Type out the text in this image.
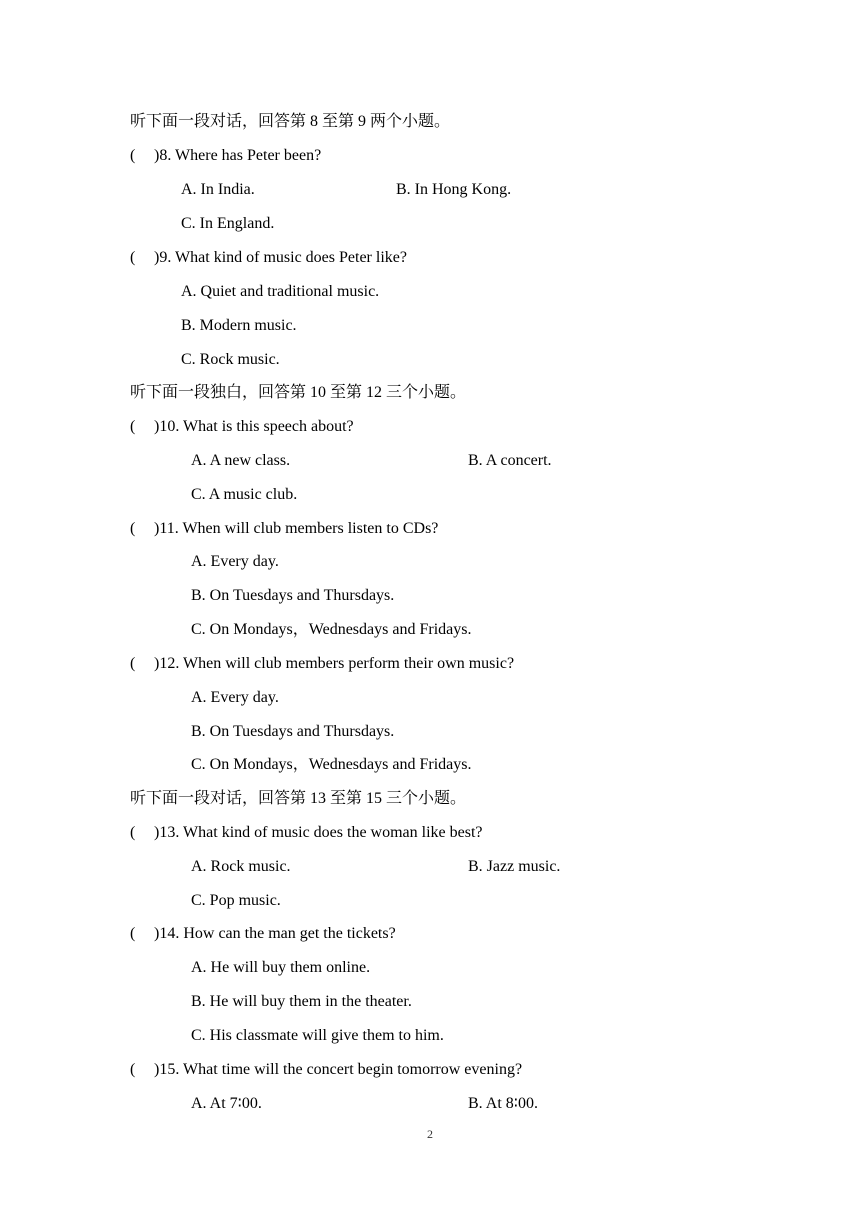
听下面一段对话，回答第 8 至第 9 两个小题。
( )8. Where has Peter been?
A. In India.	B. In Hong Kong.
C. In England.
( )9. What kind of music does Peter like?
A. Quiet and traditional music.
B. Modern music.
C. Rock music.
听下面一段独白，回答第 10 至第 12 三个小题。
( )10. What is this speech about?
A. A new class.	B. A concert.
C. A music club.
( )11. When will club members listen to CDs?
A. Every day.
B. On Tuesdays and Thursdays.
C. On Mondays，Wednesdays and Fridays.
( )12. When will club members perform their own music?
A. Every day.
B. On Tuesdays and Thursdays.
C. On Mondays，Wednesdays and Fridays.
听下面一段对话，回答第 13 至第 15 三个小题。
( )13. What kind of music does the woman like best?
A. Rock music.	B. Jazz music.
C. Pop music.
( )14. How can the man get the tickets?
A. He will buy them online.
B. He will buy them in the theater.
C. His classmate will give them to him.
( )15. What time will the concert begin tomorrow evening?
A. At 7∶00.	B. At 8∶00.
2
